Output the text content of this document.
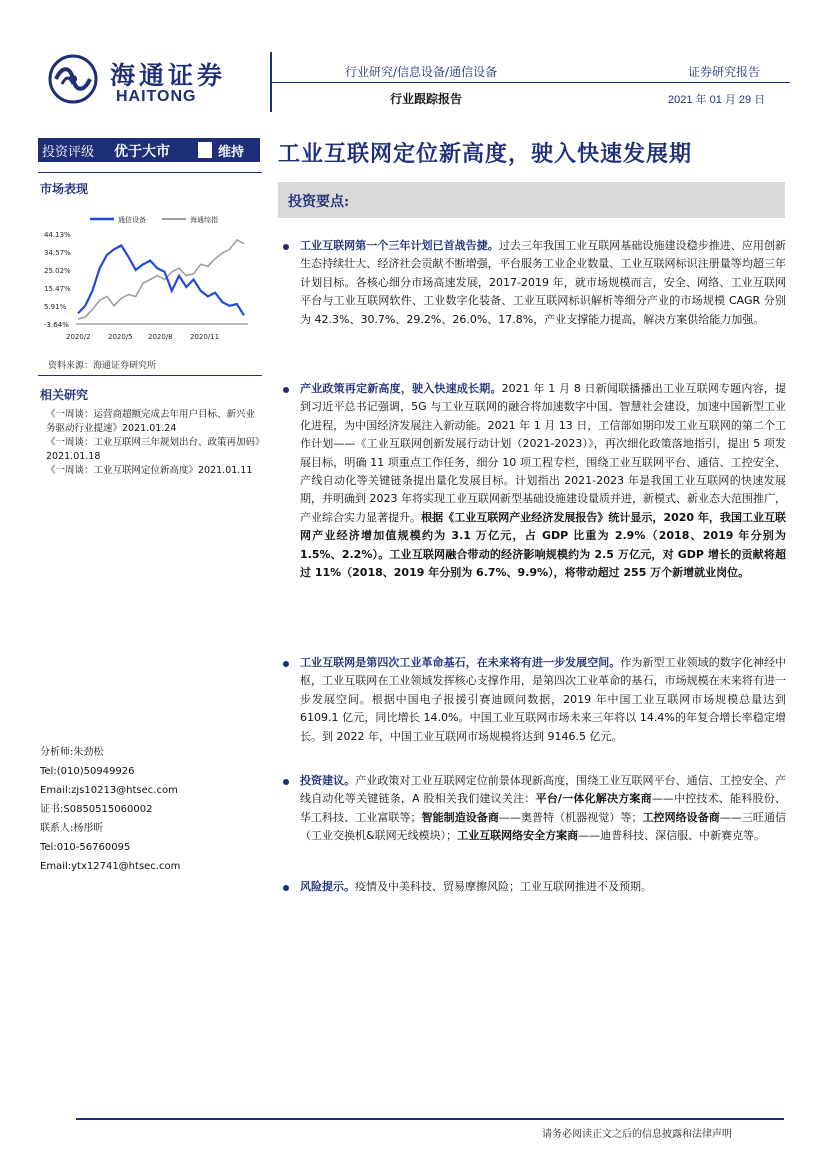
海通证券
HAITONG
行业研究/信息设备/通信设备
行业跟踪报告
证券研究报告
2021 年 01 月 29 日
投资评级 优于大市	维持 工业互联网定位新高度，驶入快速发展期
市场表现
投资要点:
通信设备	海通综指
44.13%
34.57%
25.02%
15.47%
5.91%
-3.64%
2020/2 2020/5 2020/8 2020/11
资料来源：海通证券研究所
相关研究
《一周谈：运营商超额完成去年用户目标、新兴业务驱动行业提速》2021.01.24
《一周谈：工业互联网三年规划出台、政策再加码》2021.01.18
《一周谈：工业互联网定位新高度》2021.01.11
分析师:朱劲松
Tel:(010)50949926
Email:zjs10213@htsec.com
证书:S0850515060002
联系人:杨彤昕
Tel:010-56760095
Email:ytx12741@htsec.com
工业互联网第一个三年计划已首战告捷。过去三年我国工业互联网基础设施建设稳步推进、应用创新生态持续壮大、经济社会贡献不断增强，平台服务工业企业数量、工业互联网标识注册量等均超三年计划目标。各核心细分市场高速发展，2017-2019 年，就市场规模而言，安全、网络、工业互联网平台与工业互联网软件、工业数字化装备、工业互联网标识解析等细分产业的市场规模 CAGR 分别为 42.3%、30.7%、29.2%、26.0%、17.8%，产业支撑能力提高，解决方案供给能力加强。
产业政策再定新高度，驶入快速成长期。2021 年 1 月 8 日新闻联播播出工业互联网专题内容，提到习近平总书记强调，5G 与工业互联网的融合将加速数字中国、智慧社会建设，加速中国新型工业化进程，为中国经济发展注入新动能。2021 年 1 月 13 日，工信部如期印发工业互联网的第二个工作计划——《工业互联网创新发展行动计划（2021-2023）》，再次细化政策落地指引，提出 5 项发展目标，明确 11 项重点工作任务，细分 10 项工程专栏，围绕工业互联网平台、通信、工控安全、产线自动化等关键链条提出量化发展目标。计划指出 2021-2023 年是我国工业互联网的快速发展期，并明确到 2023 年将实现工业互联网新型基础设施建设量质并进，新模式、新业态大范围推广，产业综合实力显著提升。根据《工业互联网产业经济发展报告》统计显示，2020 年，我国工业互联网产业经济增加值规模约为 3.1 万亿元，占 GDP 比重为 2.9%（2018、2019 年分别为 1.5%、2.2%）。工业互联网融合带动的经济影响规模约为 2.5 万亿元，对 GDP 增长的贡献将超过 11%（2018、2019 年分别为 6.7%、9.9%），将带动超过 255 万个新增就业岗位。
工业互联网是第四次工业革命基石，在未来将有进一步发展空间。作为新型工业领域的数字化神经中枢，工业互联网在工业领域发挥核心支撑作用，是第四次工业革命的基石，市场规模在未来将有进一步发展空间。根据中国电子报援引赛迪顾问数据，2019 年中国工业互联网市场规模总量达到 6109.1 亿元，同比增长 14.0%。中国工业互联网市场未来三年将以 14.4%的年复合增长率稳定增长。到 2022 年，中国工业互联网市场规模将达到 9146.5 亿元。
投资建议。产业政策对工业互联网定位前景体现新高度，围绕工业互联网平台、通信、工控安全、产线自动化等关键链条，A 股相关我们建议关注：平台/一体化解决方案商——中控技术、能科股份、华工科技、工业富联等；智能制造设备商——奥普特（机器视觉）等；工控网络设备商——三旺通信（工业交换机&联网无线模块）；工业互联网络安全方案商——迪普科技、深信服、中新赛克等。
风险提示。疫情及中美科技、贸易摩擦风险；工业互联网推进不及预期。
请务必阅读正文之后的信息披露和法律声明
